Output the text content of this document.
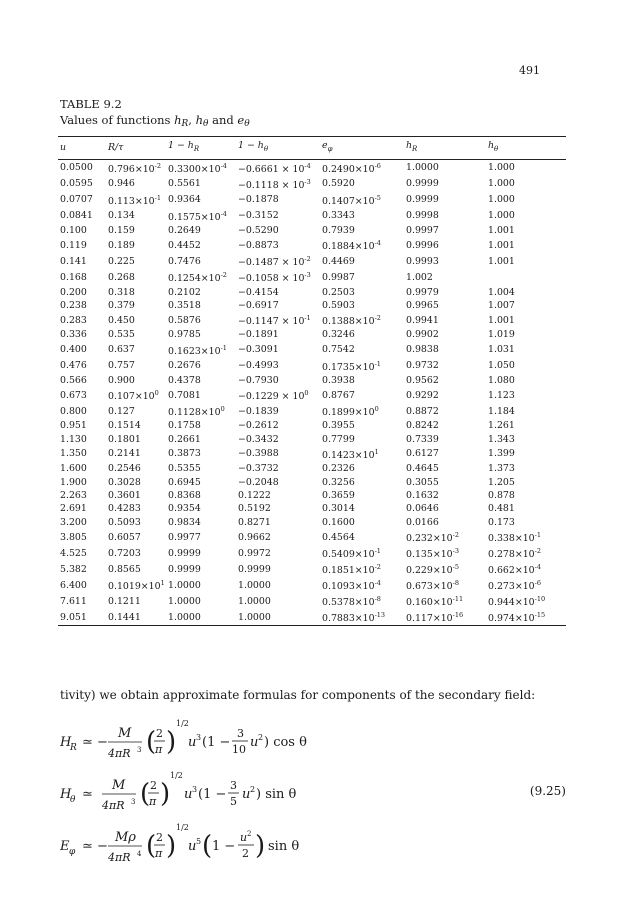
491
TABLE 9.2
Values of functions $h_R$, $h_\theta$ and $e_\theta$
u	R/τ	$1 - h_R$	$1 - h_\theta$	$e_\varphi$	$h_R$	$h_\theta$
0.0500	$0.796\times 10^{-2}$	$0.3300\times 10^{-4}$	$-0.6661 \times 10^{-4}$	$0.2490\times 10^{-6}$	1.0000	1.000
0.0595	0.946	0.5561	$-0.1118 \times 10^{-3}$	0.5920	0.9999	1.000
0.0707	$0.113\times 10^{-1}$	0.9364	−0.1878	$0.1407\times 10^{-5}$	0.9999	1.000
0.0841	0.134	$0.1575\times 10^{-4}$	−0.3152	0.3343	0.9998	1.000
0.100	0.159	0.2649	−0.5290	0.7939	0.9997	1.001
0.119	0.189	0.4452	−0.8873	$0.1884\times 10^{-4}$	0.9996	1.001
0.141	0.225	0.7476	$-0.1487 \times 10^{-2}$	0.4469	0.9993	1.001
0.168	0.268	$0.1254\times 10^{-2}$	$-0.1058 \times 10^{-3}$	0.9987	1.002	
0.200	0.318	0.2102	−0.4154	0.2503	0.9979	1.004
0.238	0.379	0.3518	−0.6917	0.5903	0.9965	1.007
0.283	0.450	0.5876	$-0.1147 \times 10^{-1}$	$0.1388\times 10^{-2}$	0.9941	1.001
0.336	0.535	0.9785	−0.1891	0.3246	0.9902	1.019
0.400	0.637	$0.1623\times 10^{-1}$	−0.3091	0.7542	0.9838	1.031
0.476	0.757	0.2676	−0.4993	$0.1735\times 10^{-1}$	0.9732	1.050
0.566	0.900	0.4378	−0.7930	0.3938	0.9562	1.080
0.673	$0.107\times 10^0$	0.7081	$-0.1229 \times 10^0$	0.8767	0.9292	1.123
0.800	0.127	$0.1128\times 10^0$	−0.1839	$0.1899\times 10^0$	0.8872	1.184
0.951	0.1514	0.1758	−0.2612	0.3955	0.8242	1.261
1.130	0.1801	0.2661	−0.3432	0.7799	0.7339	1.343
1.350	0.2141	0.3873	−0.3988	$0.1423\times 10^1$	0.6127	1.399
1.600	0.2546	0.5355	−0.3732	0.2326	0.4645	1.373
1.900	0.3028	0.6945	−0.2048	0.3256	0.3055	1.205
2.263	0.3601	0.8368	0.1222	0.3659	0.1632	0.878
2.691	0.4283	0.9354	0.5192	0.3014	0.0646	0.481
3.200	0.5093	0.9834	0.8271	0.1600	0.0166	0.173
3.805	0.6057	0.9977	0.9662	0.4564	$0.232\times 10^{-2}$	$0.338\times 10^{-1}$
4.525	0.7203	0.9999	0.9972	$0.5409\times 10^{-1}$	$0.135\times 10^{-3}$	$0.278\times 10^{-2}$
5.382	0.8565	0.9999	0.9999	$0.1851\times 10^{-2}$	$0.229\times 10^{-5}$	$0.662\times 10^{-4}$
6.400	$0.1019\times 10^1$	1.0000	1.0000	$0.1093\times 10^{-4}$	$0.673\times 10^{-8}$	$0.273\times 10^{-6}$
7.611	0.1211	1.0000	1.0000	$0.5378\times 10^{-8}$	$0.160\times 10^{-11}$	$0.944\times 10^{-10}$
9.051	0.1441	1.0000	1.0000	$0.7883\times 10^{-13}$	$0.117\times 10^{-16}$	$0.974\times 10^{-15}$
tivity) we obtain approximate formulas for components of the secondary field:
H
R ≃ −
M
4πR 3 ( 2
π )
1/2
u 3 (1 −
3
10 u 2 ) cos θ
H
θ ≃
M
4πR 3 ( 2
π )
1/2
u 3 (1 −
3
5 u 2 ) sin θ
E φ ≃ −
Mρ
4πR 4 ( 2
π )
1/2
u 5 ( 1 −
u 2
2 ) sin θ
(9.25)
